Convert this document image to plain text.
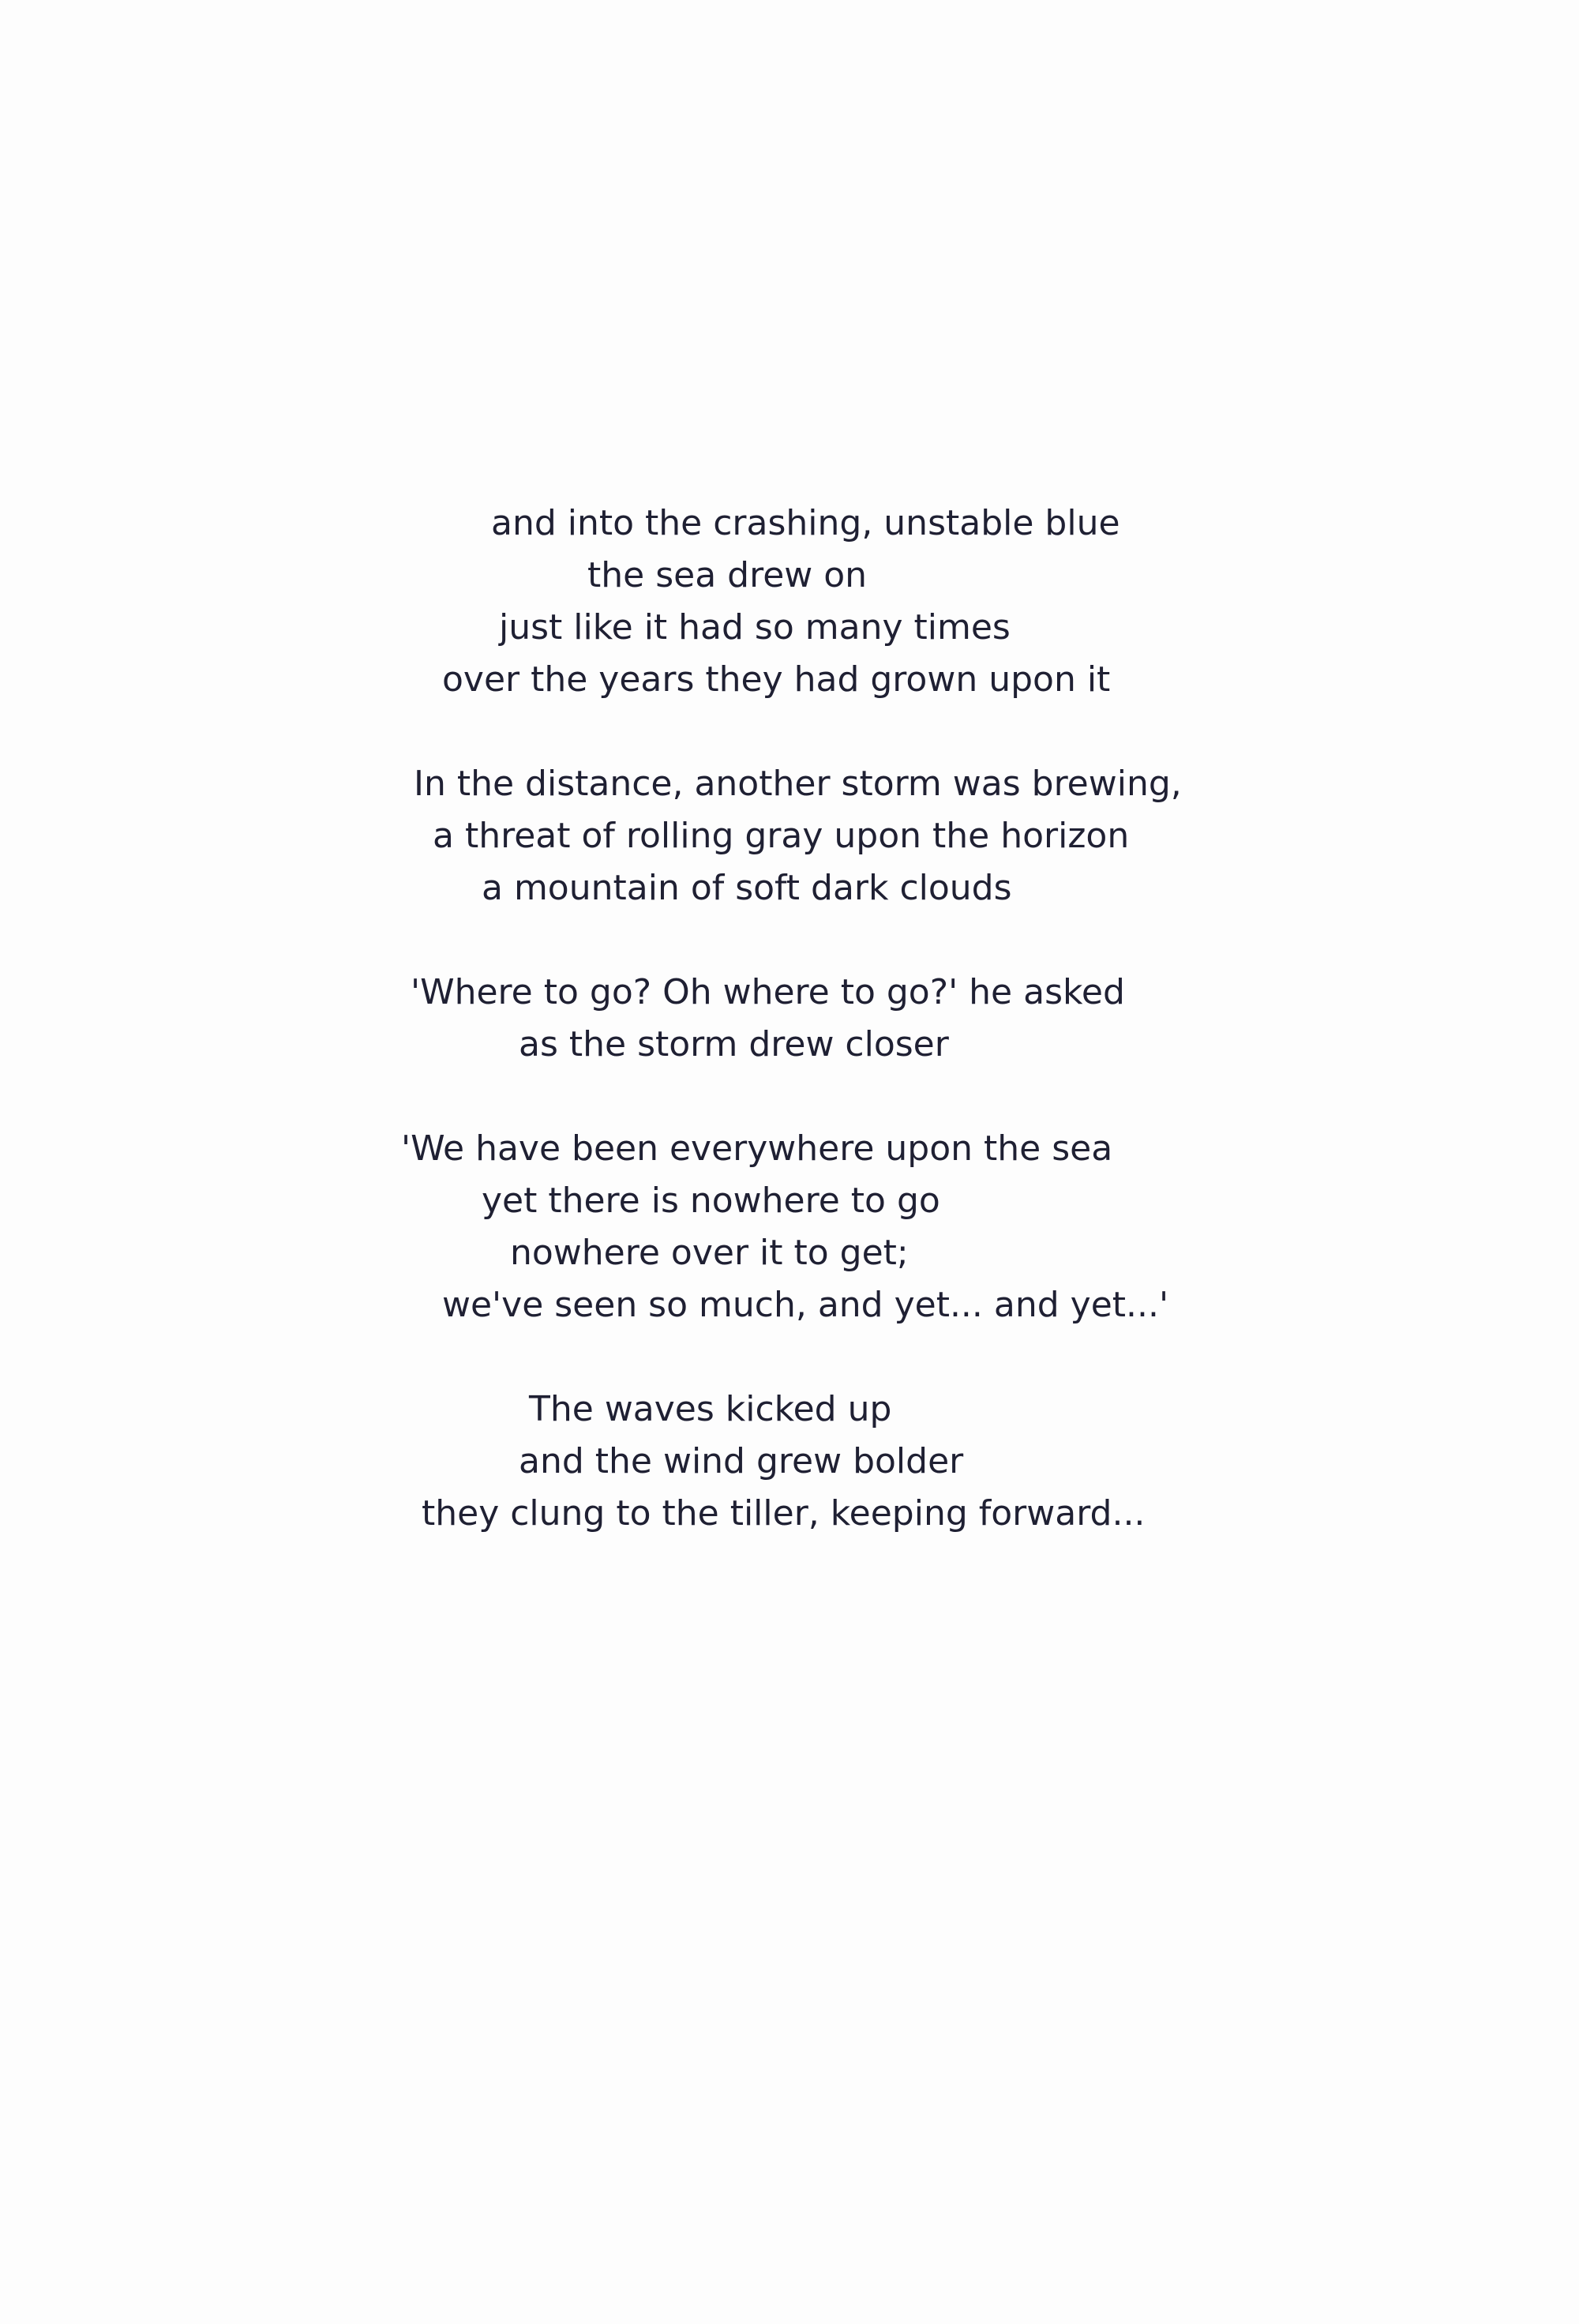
and into the crashing, unstable blue
the sea drew on
just like it had so many times
over the years they had grown upon it
In the distance, another storm was brewing,
a threat of rolling gray upon the horizon
a mountain of soft dark clouds
'Where to go? Oh where to go?' he asked
as the storm drew closer
'We have been everywhere upon the sea
yet there is nowhere to go
nowhere over it to get;
we've seen so much, and yet... and yet...'
The waves kicked up
and the wind grew bolder
they clung to the tiller, keeping forward...
